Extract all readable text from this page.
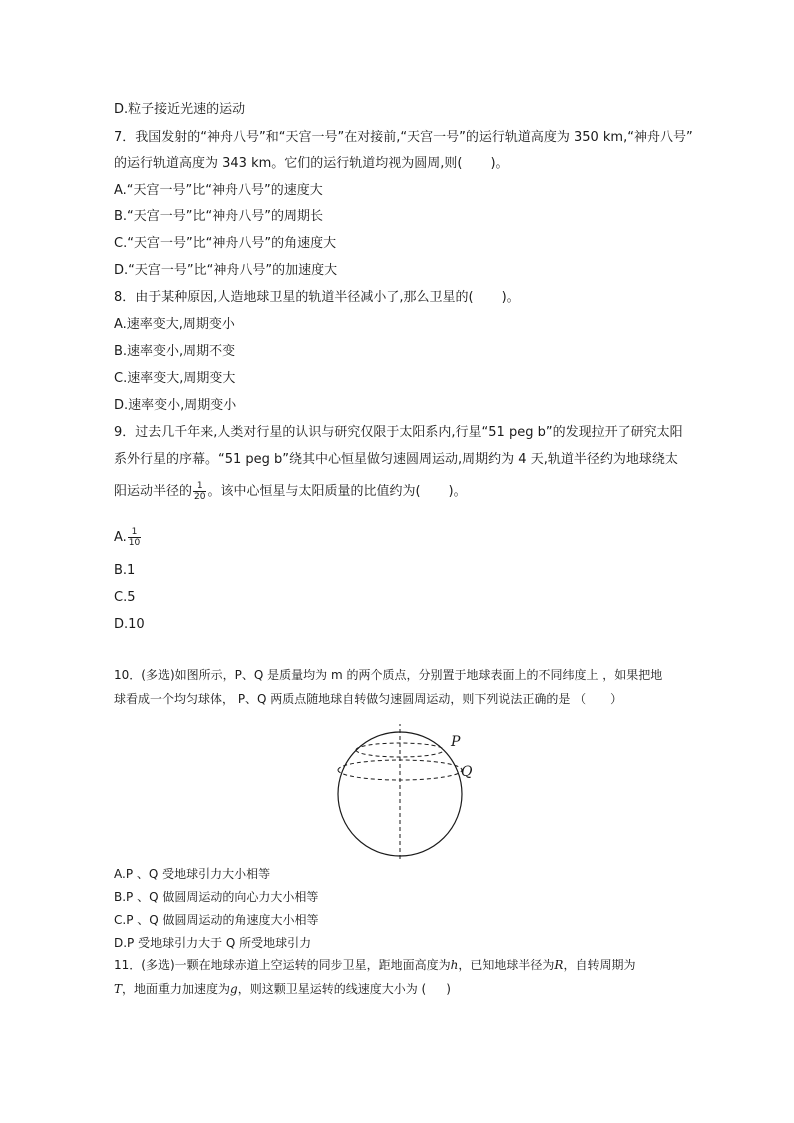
D.粒子接近光速的运动
7．我国发射的“神舟八号”和“天宫一号”在对接前,“天宫一号”的运行轨道高度为 350 km,“神舟八号”
的运行轨道高度为 343 km。它们的运行轨道均视为圆周,则( )。
A.“天宫一号”比“神舟八号”的速度大
B.“天宫一号”比“神舟八号”的周期长
C.“天宫一号”比“神舟八号”的角速度大
D.“天宫一号”比“神舟八号”的加速度大
8．由于某种原因,人造地球卫星的轨道半径减小了,那么卫星的( )。
A.速率变大,周期变小
B.速率变小,周期不变
C.速率变大,周期变大
D.速率变小,周期变小
9．过去几千年来,人类对行星的认识与研究仅限于太阳系内,行星“51 peg b”的发现拉开了研究太阳
系外行星的序幕。“51 peg b”绕其中心恒星做匀速圆周运动,周期约为 4 天,轨道半径约为地球绕太
阳运动半径的 $\frac{1}{20}$ 。该中心恒星与太阳质量的比值约为( )。
A. $\frac{1}{10}$
B.1
C.5
D.10
10．(多选)如图所示，P、Q 是质量均为 m 的两个质点，分别置于地球表面上的不同纬度上 ，如果把地
球看成一个均匀球体， P、Q 两质点随地球自转做匀速圆周运动，则下列说法正确的是 （　　）
P
Q
A.P 、Q 受地球引力大小相等
B.P 、Q 做圆周运动的向心力大小相等
C.P 、Q 做圆周运动的角速度大小相等
D.P 受地球引力大于 Q 所受地球引力
11．(多选)一颗在地球赤道上空运转的同步卫星，距地面高度为h，已知地球半径为R，自转周期为
T，地面重力加速度为g，则这颗卫星运转的线速度大小为 ( )
